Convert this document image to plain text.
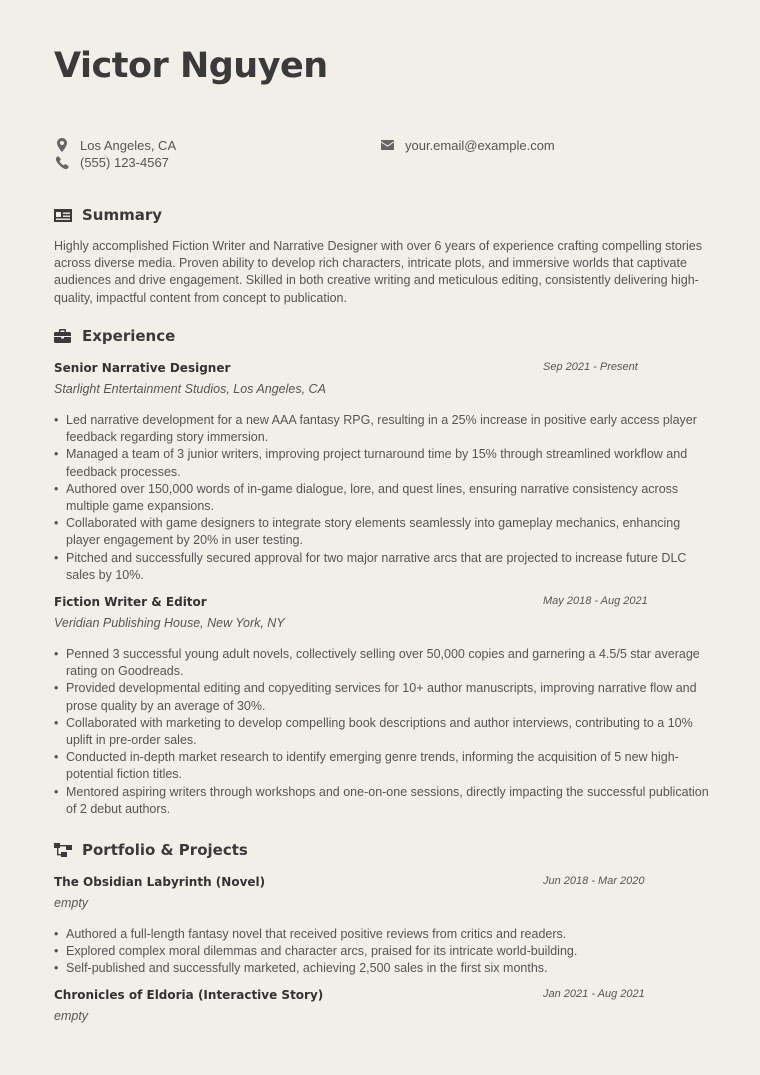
Victor Nguyen
Los Angeles, CA
(555) 123-4567
your.email@example.com
Summary

Highly accomplished Fiction Writer and Narrative Designer with over 6 years of experience crafting compelling stories across diverse media. Proven ability to develop rich characters, intricate plots, and immersive worlds that captivate audiences and drive engagement. Skilled in both creative writing and meticulous editing, consistently delivering high-quality, impactful content from concept to publication.

Experience
Senior Narrative Designer	Sep 2021 - Present
Starlight Entertainment Studios, Los Angeles, CA
• Led narrative development for a new AAA fantasy RPG, resulting in a 25% increase in positive early access player feedback regarding story immersion.
• Managed a team of 3 junior writers, improving project turnaround time by 15% through streamlined workflow and feedback processes.
• Authored over 150,000 words of in-game dialogue, lore, and quest lines, ensuring narrative consistency across multiple game expansions.
• Collaborated with game designers to integrate story elements seamlessly into gameplay mechanics, enhancing player engagement by 20% in user testing.
• Pitched and successfully secured approval for two major narrative arcs that are projected to increase future DLC sales by 10%.
Fiction Writer & Editor	May 2018 - Aug 2021
Veridian Publishing House, New York, NY
• Penned 3 successful young adult novels, collectively selling over 50,000 copies and garnering a 4.5/5 star average rating on Goodreads.
• Provided developmental editing and copyediting services for 10+ author manuscripts, improving narrative flow and prose quality by an average of 30%.
• Collaborated with marketing to develop compelling book descriptions and author interviews, contributing to a 10% uplift in pre-order sales.
• Conducted in-depth market research to identify emerging genre trends, informing the acquisition of 5 new high-potential fiction titles.
• Mentored aspiring writers through workshops and one-on-one sessions, directly impacting the successful publication of 2 debut authors.
Portfolio & Projects
The Obsidian Labyrinth (Novel)	Jun 2018 - Mar 2020
empty
• Authored a full-length fantasy novel that received positive reviews from critics and readers.
• Explored complex moral dilemmas and character arcs, praised for its intricate world-building.
• Self-published and successfully marketed, achieving 2,500 sales in the first six months.
Chronicles of Eldoria (Interactive Story)	Jan 2021 - Aug 2021
empty
